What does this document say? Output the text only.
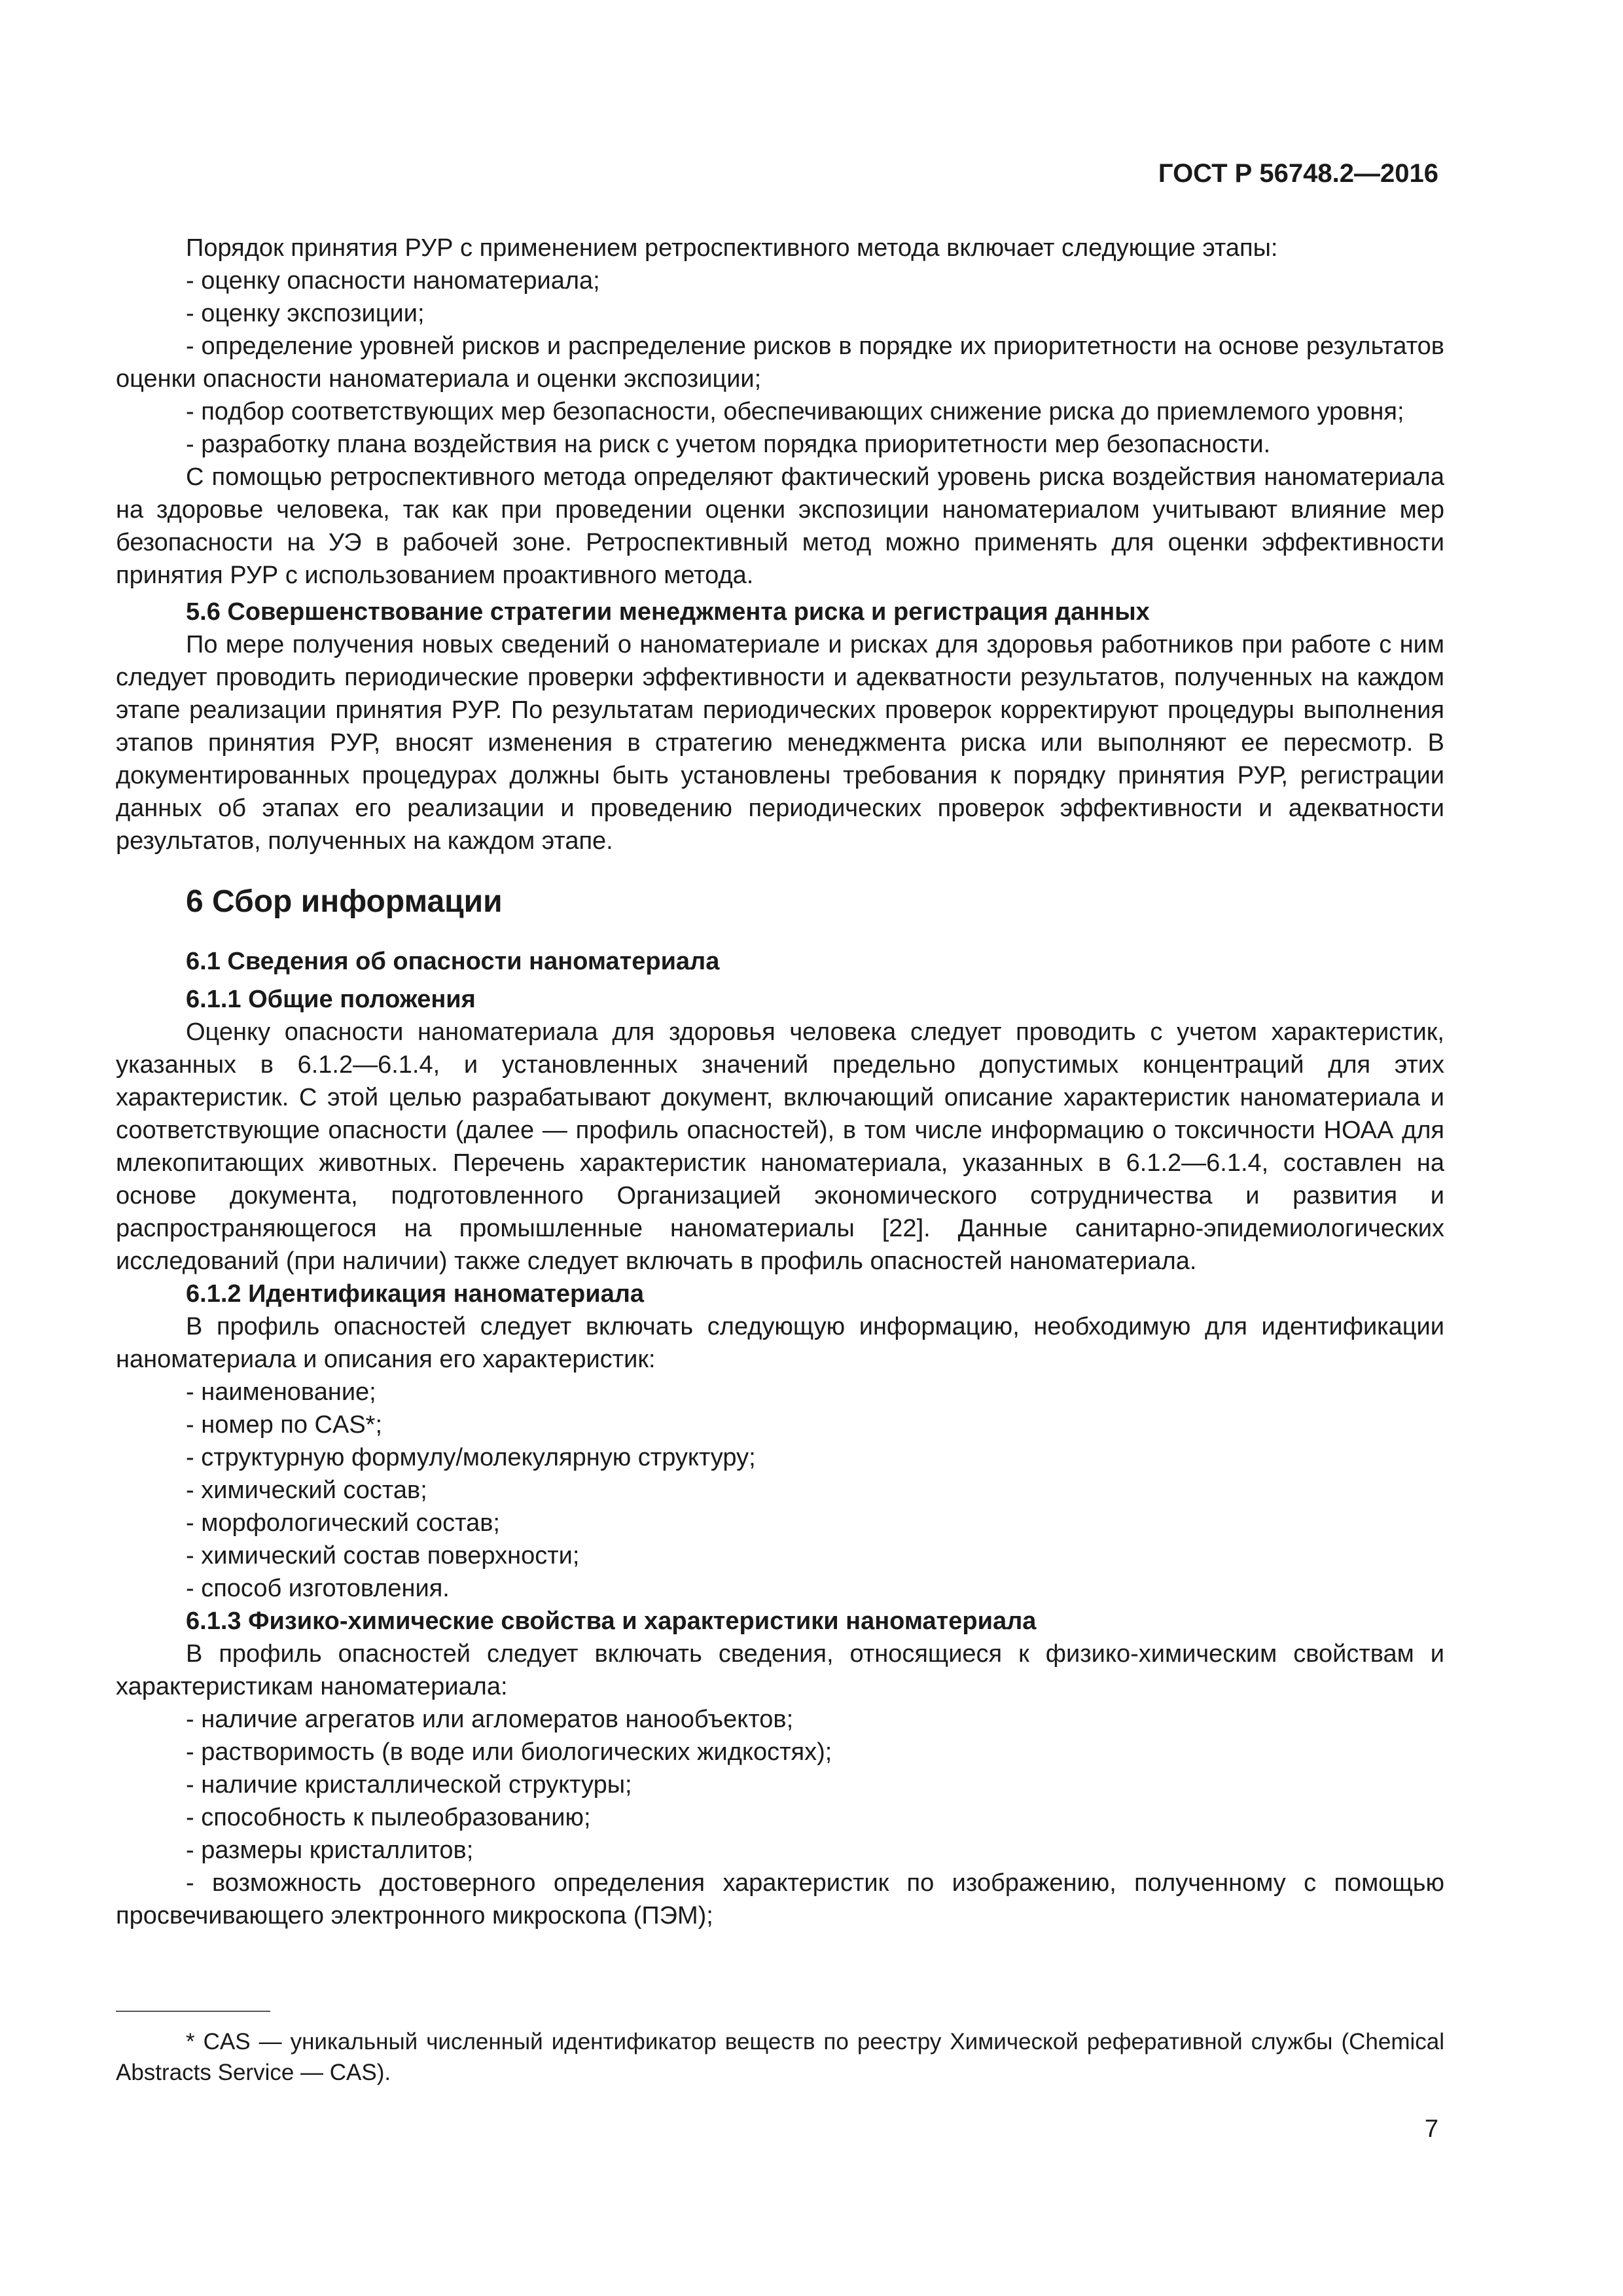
ГОСТ Р 56748.2—2016

Порядок принятия РУР с применением ретроспективного метода включает следующие этапы:

- оценку опасности наноматериала;

- оценку экспозиции;

- определение уровней рисков и распределение рисков в порядке их приоритетности на основе результатов оценки опасности наноматериала и оценки экспозиции;

- подбор соответствующих мер безопасности, обеспечивающих снижение риска до приемлемого уровня;

- разработку плана воздействия на риск с учетом порядка приоритетности мер безопасности.

С помощью ретроспективного метода определяют фактический уровень риска воздействия наноматериала на здоровье человека, так как при проведении оценки экспозиции наноматериалом учитывают влияние мер безопасности на УЭ в рабочей зоне. Ретроспективный метод можно применять для оценки эффективности принятия РУР с использованием проактивного метода.

5.6 Совершенствование стратегии менеджмента риска и регистрация данных

По мере получения новых сведений о наноматериале и рисках для здоровья работников при работе с ним следует проводить периодические проверки эффективности и адекватности результатов, полученных на каждом этапе реализации принятия РУР. По результатам периодических проверок корректируют процедуры выполнения этапов принятия РУР, вносят изменения в стратегию менеджмента риска или выполняют ее пересмотр. В документированных процедурах должны быть установлены требования к порядку принятия РУР, регистрации данных об этапах его реализации и проведению периодических проверок эффективности и адекватности результатов, полученных на каждом этапе.

6 Сбор информации

6.1 Сведения об опасности наноматериала

6.1.1 Общие положения

Оценку опасности наноматериала для здоровья человека следует проводить с учетом характеристик, указанных в 6.1.2—6.1.4, и установленных значений предельно допустимых концентраций для этих характеристик. С этой целью разрабатывают документ, включающий описание характеристик наноматериала и соответствующие опасности (далее — профиль опасностей), в том числе информацию о токсичности НОАА для млекопитающих животных. Перечень характеристик наноматериала, указанных в 6.1.2—6.1.4, составлен на основе документа, подготовленного Организацией экономического сотрудничества и развития и распространяющегося на промышленные наноматериалы [22]. Данные санитарно-эпидемиологических исследований (при наличии) также следует включать в профиль опасностей наноматериала.

6.1.2 Идентификация наноматериала

В профиль опасностей следует включать следующую информацию, необходимую для идентификации наноматериала и описания его характеристик:

- наименование;

- номер по CAS*;

- структурную формулу/молекулярную структуру;

- химический состав;

- морфологический состав;

- химический состав поверхности;

- способ изготовления.

6.1.3 Физико-химические свойства и характеристики наноматериала

В профиль опасностей следует включать сведения, относящиеся к физико-химическим свойствам и характеристикам наноматериала:

- наличие агрегатов или агломератов нанообъектов;

- растворимость (в воде или биологических жидкостях);

- наличие кристаллической структуры;

- способность к пылеобразованию;

- размеры кристаллитов;

- возможность достоверного определения характеристик по изображению, полученному с помощью просвечивающего электронного микроскопа (ПЭМ);

* CAS — уникальный численный идентификатор веществ по реестру Химической реферативной службы (Chemical Abstracts Service — CAS).

7
